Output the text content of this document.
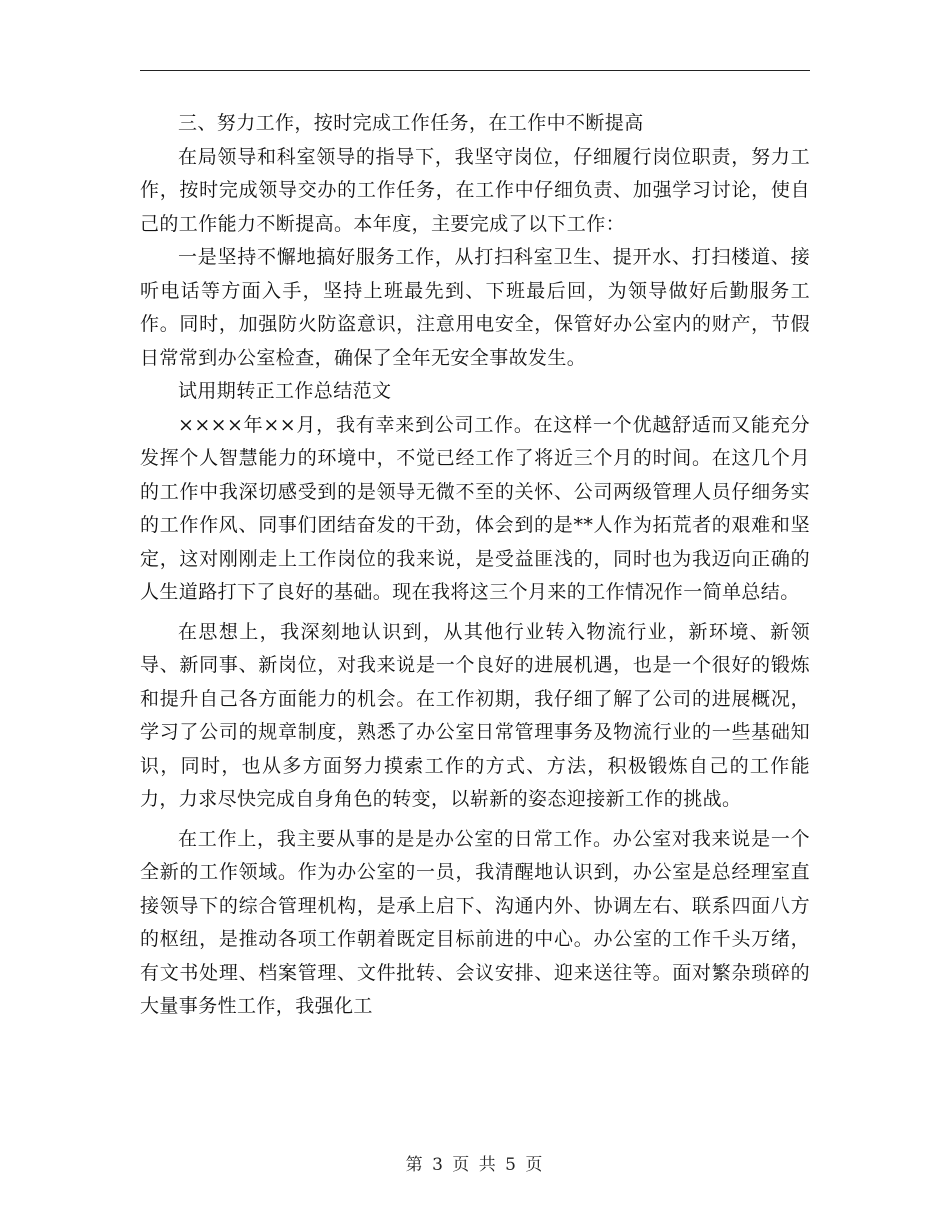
三、努力工作，按时完成工作任务，在工作中不断提高

在局领导和科室领导的指导下，我坚守岗位，仔细履行岗位职责，努力工作，按时完成领导交办的工作任务，在工作中仔细负责、加强学习讨论，使自己的工作能力不断提高。本年度，主要完成了以下工作：

一是坚持不懈地搞好服务工作，从打扫科室卫生、提开水、打扫楼道、接听电话等方面入手，坚持上班最先到、下班最后回，为领导做好后勤服务工作。同时，加强防火防盗意识，注意用电安全，保管好办公室内的财产，节假日常常到办公室检查，确保了全年无安全事故发生。

试用期转正工作总结范文

××××年××月，我有幸来到公司工作。在这样一个优越舒适而又能充分发挥个人智慧能力的环境中，不觉已经工作了将近三个月的时间。在这几个月的工作中我深切感受到的是领导无微不至的关怀、公司两级管理人员仔细务实的工作作风、同事们团结奋发的干劲，体会到的是**人作为拓荒者的艰难和坚定，这对刚刚走上工作岗位的我来说，是受益匪浅的，同时也为我迈向正确的人生道路打下了良好的基础。现在我将这三个月来的工作情况作一简单总结。

在思想上，我深刻地认识到，从其他行业转入物流行业，新环境、新领导、新同事、新岗位，对我来说是一个良好的进展机遇，也是一个很好的锻炼和提升自己各方面能力的机会。在工作初期，我仔细了解了公司的进展概况，学习了公司的规章制度，熟悉了办公室日常管理事务及物流行业的一些基础知识，同时，也从多方面努力摸索工作的方式、方法，积极锻炼自己的工作能力，力求尽快完成自身角色的转变，以崭新的姿态迎接新工作的挑战。

在工作上，我主要从事的是是办公室的日常工作。办公室对我来说是一个全新的工作领域。作为办公室的一员，我清醒地认识到，办公室是总经理室直接领导下的综合管理机构，是承上启下、沟通内外、协调左右、联系四面八方的枢纽，是推动各项工作朝着既定目标前进的中心。办公室的工作千头万绪，有文书处理、档案管理、文件批转、会议安排、迎来送往等。面对繁杂琐碎的大量事务性工作，我强化工

第 3 页 共 5 页
